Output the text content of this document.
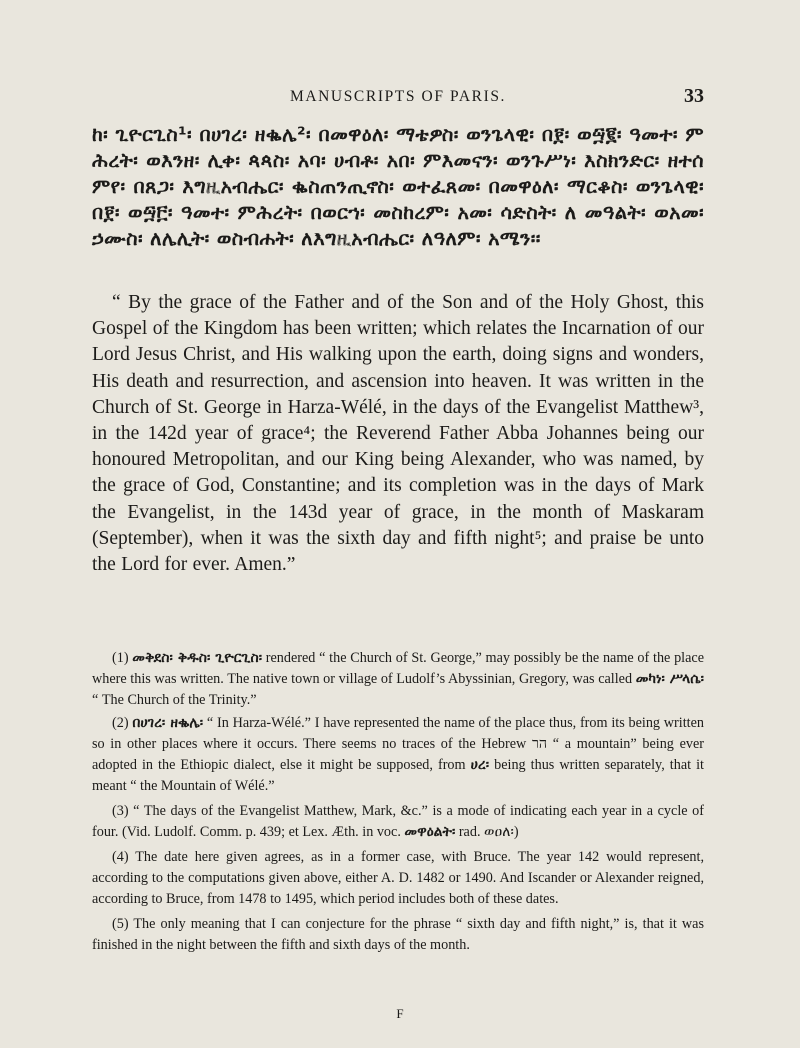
MANUSCRIPTS OF PARIS.	33
ከ፡ ጊዮርጊስ¹፡ በሀገረ፡ ዘቈሌ²፡ በመዋዕለ፡ ማቴዎስ፡ ወንጌላዊ፡ በ፻፡ ወ፵፪፡ ዓመተ፡ ምሕረት፡ ወእንዘ፡ ሊቀ፡ ጳጳስ፡ አባ፡ ሀብቶ፡ አበ፡ ምእመናን፡ ወንጉሥነ፡ እስክንድር፡ ዘተሰምየ፡ በጸጋ፡ እግዚአብሔር፡ ቈስጠንጢኖስ፡ ወተፈጸመ፡ በመዋዕለ፡ ማርቆስ፡ ወንጌላዊ፡ በ፻፡ ወ፵፫፡ ዓመተ፡ ምሕረት፡ በወርኀ፡ መስከረም፡ አመ፡ ሳድስት፡ ለ መዓልት፡ ወአመ፡ ኃሙስ፡ ለሌሊት፡ ወስብሐት፡ ለእግዚአብሔር፡ ለዓለም፡ አሜን፡፡

“ By the grace of the Father and of the Son and of the Holy Ghost, this Gospel of the Kingdom has been written; which relates the Incarnation of our Lord Jesus Christ, and His walking upon the earth, doing signs and wonders, His death and resurrection, and ascension into heaven. It was written in the Church of St. George in Harza-Wélé, in the days of the Evangelist Matthew³, in the 142d year of grace⁴; the Reverend Father Abba Johannes being our honoured Metropolitan, and our King being Alexander, who was named, by the grace of God, Constantine; and its completion was in the days of Mark the Evangelist, in the 143d year of grace, in the month of Maskaram (September), when it was the sixth day and fifth night⁵; and praise be unto the Lord for ever. Amen.”

(1) መቅደስ፡ ቅዱስ፡ ጊዮርጊስ፡ rendered “ the Church of St. George,” may possibly be the name of the place where this was written. The native town or village of Ludolf’s Abyssinian, Gregory, was called መካነ፡ ሥላሴ፡ “ The Church of the Trinity.”

(2) በሀገረ፡ ዘቈሌ፡ “ In Harza-Wélé.” I have represented the name of the place thus, from its being written so in other places where it occurs. There seems no traces of the Hebrew הר “ a mountain” being ever adopted in the Ethiopic dialect, else it might be supposed, from ሀረ፡ being thus written separately, that it meant “ the Mountain of Wélé.”

(3) “ The days of the Evangelist Matthew, Mark, &c.” is a mode of indicating each year in a cycle of four. (Vid. Ludolf. Comm. p. 439; et Lex. Æth. in voc. መዋዕልት፡ rad. ወዐለ፡)

(4) The date here given agrees, as in a former case, with Bruce. The year 142 would represent, according to the computations given above, either A. D. 1482 or 1490. And Iscander or Alexander reigned, according to Bruce, from 1478 to 1495, which period includes both of these dates.

(5) The only meaning that I can conjecture for the phrase “ sixth day and fifth night,” is, that it was finished in the night between the fifth and sixth days of the month.

F
